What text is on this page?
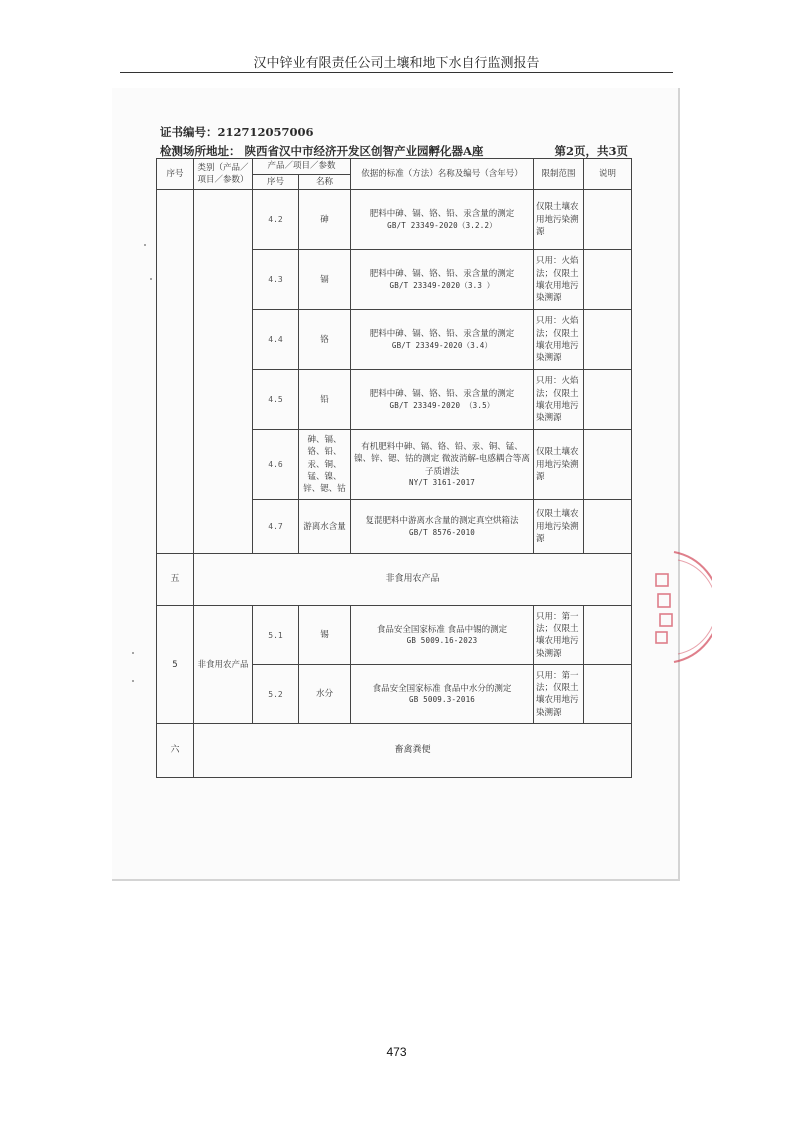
汉中锌业有限责任公司土壤和地下水自行监测报告
证书编号：212712057006
检测场所地址： 陕西省汉中市经济开发区创智产业园孵化器A座	第2页，共3页
序号	类别（产品／项目／参数）	产品／项目／参数		依据的标准（方法）名称及编号（含年号）	限制范围	说明
		序号	名称			
		4.2	砷	肥料中砷、镉、铬、铅、汞含量的测定
GB/T 23349-2020（3.2.2）	仅限土壤农用地污染溯源	
		4.3	镉	肥料中砷、镉、铬、铅、汞含量的测定
GB/T 23349-2020（3.3 ）	只用：火焰法；仅限土壤农用地污染溯源	
		4.4	铬	肥料中砷、镉、铬、铅、汞含量的测定
GB/T 23349-2020（3.4）	只用：火焰法；仅限土壤农用地污染溯源	
		4.5	铅	肥料中砷、镉、铬、铅、汞含量的测定
GB/T 23349-2020 （3.5）	只用：火焰法；仅限土壤农用地污染溯源	
		4.6	砷、镉、铬、铅、汞、铜、锰、镍、锌、锶、钴	有机肥料中砷、镉、铬、铅、汞、铜、锰、镍、锌、锶、钴的测定 微波消解-电感耦合等离子质谱法
NY/T 3161-2017	仅限土壤农用地污染溯源	
		4.7	游离水含量	复混肥料中游离水含量的测定真空烘箱法
GB/T 8576-2010	仅限土壤农用地污染溯源	
五	非食用农产品					
5	非食用农产品	5.1	锡	食品安全国家标准 食品中锡的测定
GB 5009.16-2023	只用：第一法；仅限土壤农用地污染溯源	
		5.2	水分	食品安全国家标准 食品中水分的测定
GB 5009.3-2016	只用：第一法；仅限土壤农用地污染溯源	
六	畜禽粪便					
473
